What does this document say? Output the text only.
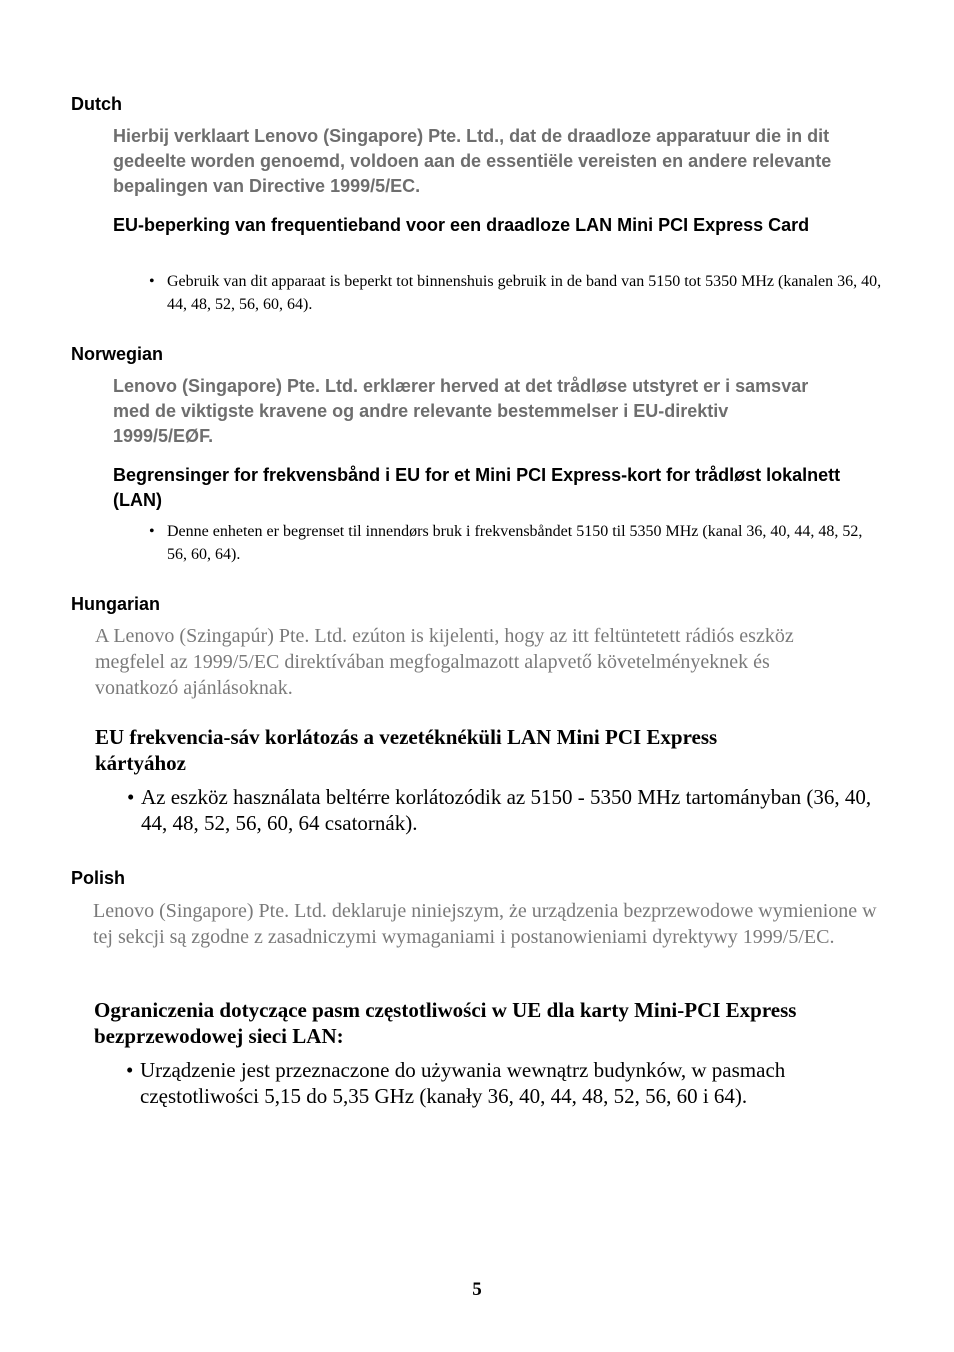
Dutch

Hierbij verklaart Lenovo (Singapore) Pte. Ltd., dat de draadloze apparatuur die in dit gedeelte worden genoemd, voldoen aan de essentiële vereisten en andere relevante bepalingen van Directive 1999/5/EC.

EU-beperking van frequentieband voor een draadloze LAN Mini PCI Express Card
• Gebruik van dit apparaat is beperkt tot binnenshuis gebruik in de band van 5150 tot 5350 MHz (kanalen 36, 40, 44, 48, 52, 56, 60, 64).
Norwegian

Lenovo (Singapore) Pte. Ltd. erklærer herved at det trådløse utstyret er i samsvar med de viktigste kravene og andre relevante bestemmelser i EU-direktiv 1999/5/EØF.

Begrensinger for frekvensbånd i EU for et Mini PCI Express-kort for trådløst lokalnett (LAN)
• Denne enheten er begrenset til innendørs bruk i frekvensbåndet 5150 til 5350 MHz (kanal 36, 40, 44, 48, 52, 56, 60, 64).
Hungarian

A Lenovo (Szingapúr) Pte. Ltd. ezúton is kijelenti, hogy az itt feltüntetett rádiós eszköz megfelel az 1999/5/EC direktívában megfogalmazott alapvető követelményeknek és vonatkozó ajánlásoknak.

EU frekvencia-sáv korlátozás a vezetéknéküli LAN Mini PCI Express kártyához
• Az eszköz használata beltérre korlátozódik az 5150 - 5350 MHz tartományban (36, 40, 44, 48, 52, 56, 60, 64 csatornák).
Polish

Lenovo (Singapore) Pte. Ltd. deklaruje niniejszym, że urządzenia bezprzewodowe wymienione w tej sekcji są zgodne z zasadniczymi wymaganiami i postanowieniami dyrektywy 1999/5/EC.

Ograniczenia dotyczące pasm częstotliwości w UE dla karty Mini-PCI Express bezprzewodowej sieci LAN:
• Urządzenie jest przeznaczone do używania wewnątrz budynków, w pasmach częstotliwości 5,15 do 5,35 GHz (kanały 36, 40, 44, 48, 52, 56, 60 i 64).

5
